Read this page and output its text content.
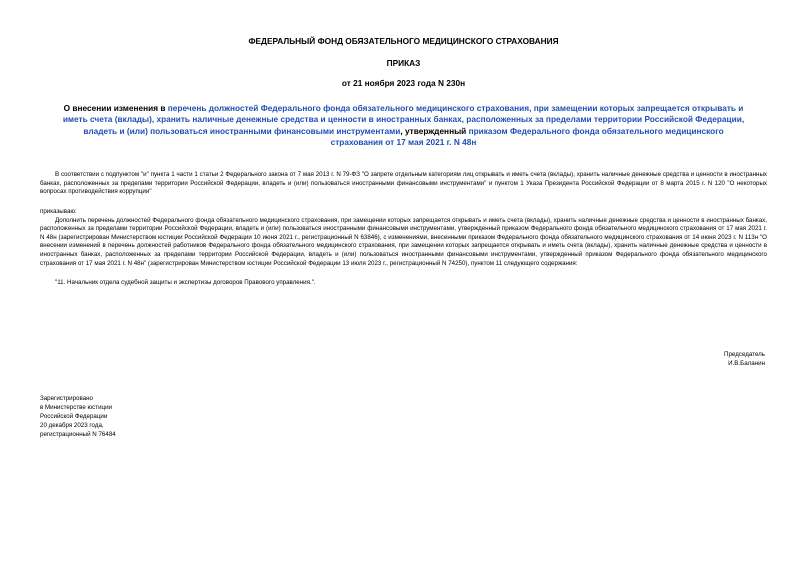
ФЕДЕРАЛЬНЫЙ ФОНД ОБЯЗАТЕЛЬНОГО МЕДИЦИНСКОГО СТРАХОВАНИЯ
ПРИКАЗ
от 21 ноября 2023 года N 230н
О внесении изменения в перечень должностей Федерального фонда обязательного медицинского страхования, при замещении которых запрещается открывать и иметь счета (вклады), хранить наличные денежные средства и ценности в иностранных банках, расположенных за пределами территории Российской Федерации, владеть и (или) пользоваться иностранными финансовыми инструментами, утвержденный приказом Федерального фонда обязательного медицинского страхования от 17 мая 2021 г. N 48н
В соответствии с подпунктом "и" пункта 1 части 1 статьи 2 Федерального закона от 7 мая 2013 г. N 79-ФЗ "О запрете отдельным категориям лиц открывать и иметь счета (вклады), хранить наличные денежные средства и ценности в иностранных банках, расположенных за пределами территории Российской Федерации, владеть и (или) пользоваться иностранными финансовыми инструментами" и пунктом 1 Указа Президента Российской Федерации от 8 марта 2015 г. N 120 "О некоторых вопросах противодействия коррупции"
приказываю:
Дополнить перечень должностей Федерального фонда обязательного медицинского страхования, при замещении которых запрещается открывать и иметь счета (вклады), хранить наличные денежные средства и ценности в иностранных банках, расположенных за пределами территории Российской Федерации, владеть и (или) пользоваться иностранными финансовыми инструментами, утвержденный приказом Федерального фонда обязательного медицинского страхования от 17 мая 2021 г. N 48н (зарегистрирован Министерством юстиции Российской Федерации 10 июня 2021 г., регистрационный N 63846), с изменениями, внесенными приказом Федерального фонда обязательного медицинского страхования от 14 июня 2023 г. N 113н "О внесении изменений в перечень должностей работников Федерального фонда обязательного медицинского страхования, при замещении которых запрещается открывать и иметь счета (вклады), хранить наличные денежные средства и ценности в иностранных банках, расположенных за пределами территории Российской Федерации, владеть и (или) пользоваться иностранными финансовыми инструментами, утвержденный приказом Федерального фонда обязательного медицинского страхования от 17 мая 2021 г. N 48н" (зарегистрирован Министерством юстиции Российской Федерации 13 июля 2023 г., регистрационный N 74250), пунктом 11 следующего содержания:
"11. Начальник отдела судебной защиты и экспертизы договоров Правового управления.".
Председатель
И.В.Баланин
Зарегистрировано
в Министерстве юстиции
Российской Федерации
20 декабря 2023 года,
регистрационный N 76484
